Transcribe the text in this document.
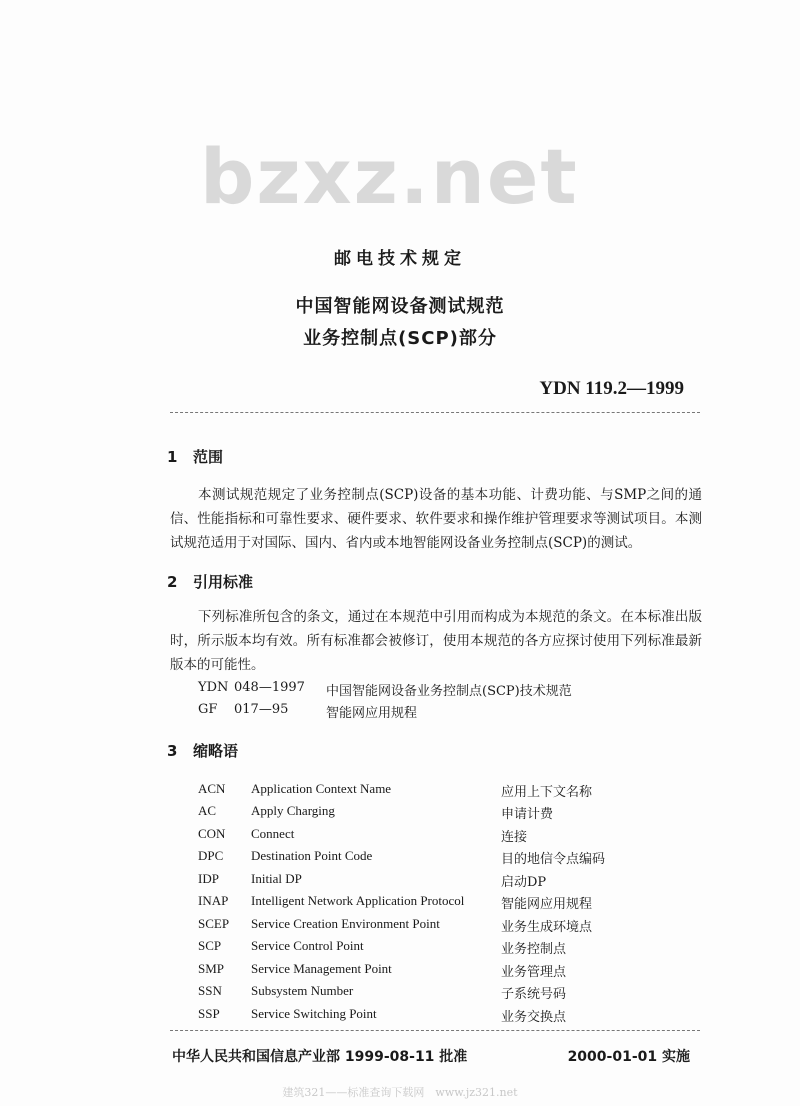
bzxz.net
邮电技术规定
中国智能网设备测试规范
业务控制点(SCP)部分
YDN 119.2—1999
1 范围
本测试规范规定了业务控制点(SCP)设备的基本功能、计费功能、与SMP之间的通信、性能指标和可靠性要求、硬件要求、软件要求和操作维护管理要求等测试项目。本测试规范适用于对国际、国内、省内或本地智能网设备业务控制点(SCP)的测试。
2 引用标准
下列标准所包含的条文，通过在本规范中引用而构成为本规范的条文。在本标准出版时，所示版本均有效。所有标准都会被修订，使用本规范的各方应探讨使用下列标准最新版本的可能性。
YDN 048—1997 中国智能网设备业务控制点(SCP)技术规范
GF 017—95	智能网应用规程
3 缩略语
ACN Application Context Name	应用上下文名称
AC	Apply Charging	申请计费
CON Connect	连接
DPC Destination Point Code	目的地信令点编码
IDP Initial DP	启动DP
INAP Intelligent Network Application Protocol	智能网应用规程
SCEP Service Creation Environment Point	业务生成环境点
SCP Service Control Point	业务控制点
SMP Service Management Point	业务管理点
SSN Subsystem Number	子系统号码
SSP Service Switching Point	业务交换点
中华人民共和国信息产业部 1999-08-11 批准	2000-01-01 实施
建筑321——标准查询下载网　www.jz321.net
